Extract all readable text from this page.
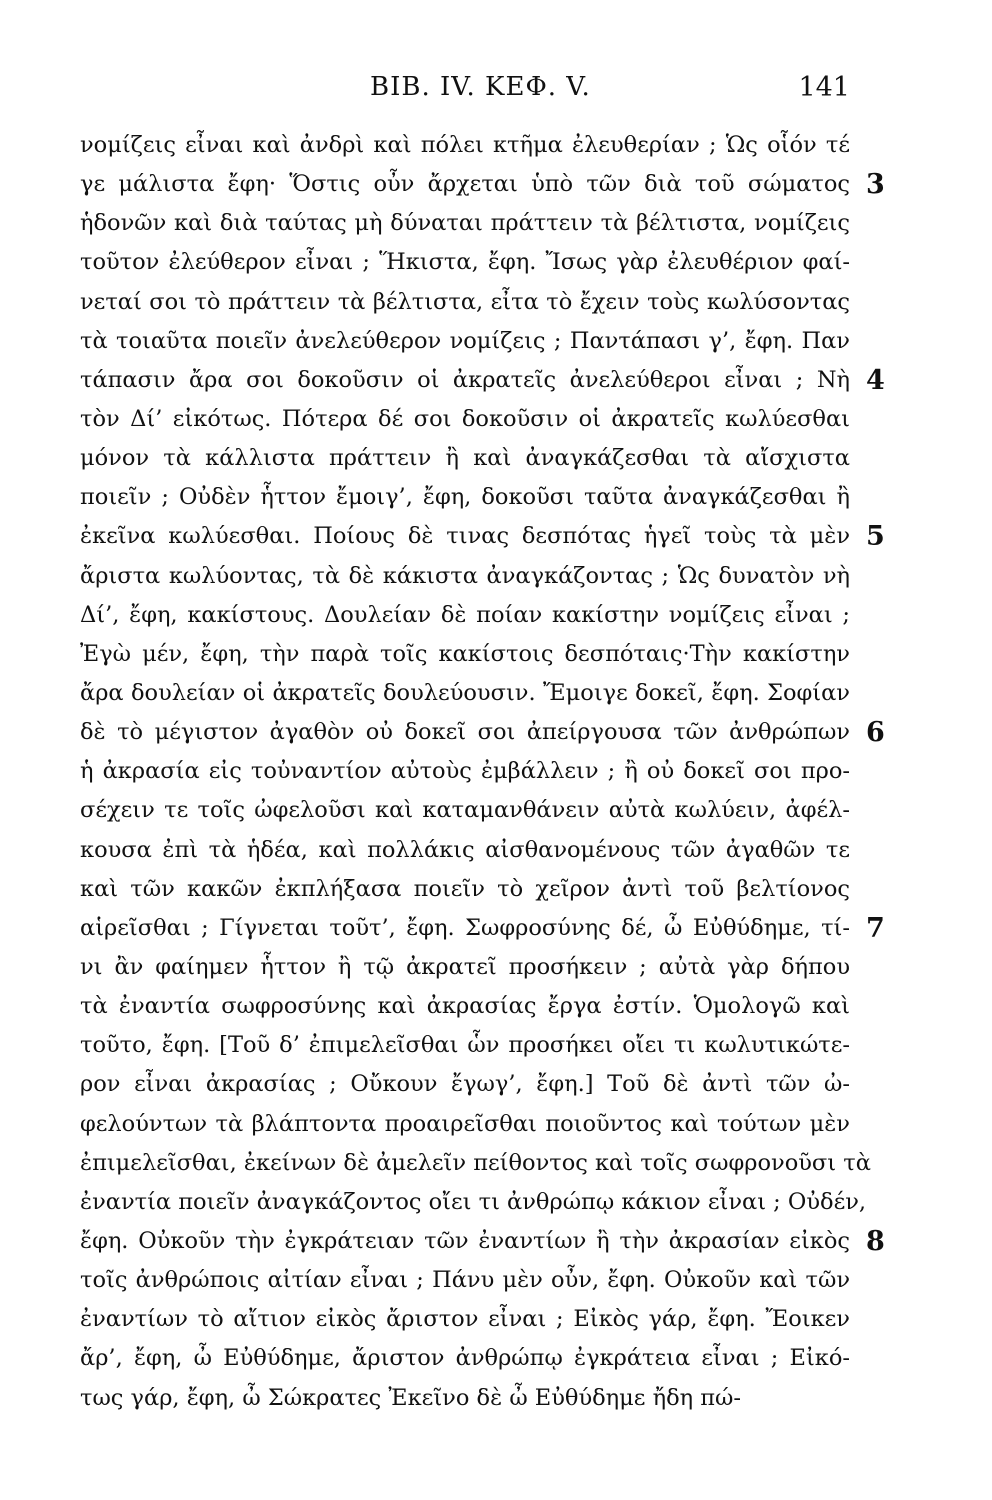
ΒΙΒ. IV. ΚΕΦ. V.	141
νομίζεις εἶναι καὶ ἀνδρὶ καὶ πόλει κτῆμα ἐλευθερίαν ; Ὡς οἷόν τέ
γε μάλιστα ἔφη· Ὅστις οὖν ἄρχεται ὑπὸ τῶν διὰ τοῦ σώματος 3
ἡδονῶν καὶ διὰ ταύτας μὴ δύναται πράττειν τὰ βέλτιστα, νομίζεις
τοῦτον ἐλεύθερον εἶναι ; Ἥκιστα, ἔφη. Ἴσως γὰρ ἐλευθέριον φαί-
νεταί σοι τὸ πράττειν τὰ βέλτιστα, εἶτα τὸ ἔχειν τοὺς κωλύσοντας
τὰ τοιαῦτα ποιεῖν ἀνελεύθερον νομίζεις ; Παντάπασι γ’, ἔφη. Παν
τάπασιν ἄρα σοι δοκοῦσιν οἱ ἀκρατεῖς ἀνελεύθεροι εἶναι ; Νὴ 4
τὸν Δί’ εἰκότως. Πότερα δέ σοι δοκοῦσιν οἱ ἀκρατεῖς κωλύεσθαι
μόνον τὰ κάλλιστα πράττειν ἢ καὶ ἀναγκάζεσθαι τὰ αἴσχιστα
ποιεῖν ; Οὐδὲν ἧττον ἔμοιγ’, ἔφη, δοκοῦσι ταῦτα ἀναγκάζεσθαι ἢ
ἐκεῖνα κωλύεσθαι. Ποίους δὲ τινας δεσπότας ἡγεῖ τοὺς τὰ μὲν 5
ἄριστα κωλύοντας, τὰ δὲ κάκιστα ἀναγκάζοντας ; Ὡς δυνατὸν νὴ
Δί’, ἔφη, κακίστους. Δουλείαν δὲ ποίαν κακίστην νομίζεις εἶναι ;
Ἐγὼ μέν, ἔφη, τὴν παρὰ τοῖς κακίστοις δεσπόταις·Τὴν κακίστην
ἄρα δουλείαν οἱ ἀκρατεῖς δουλεύουσιν. Ἔμοιγε δοκεῖ, ἔφη. Σοφίαν
δὲ τὸ μέγιστον ἀγαθὸν οὐ δοκεῖ σοι ἀπείργουσα τῶν ἀνθρώπων 6
ἡ ἀκρασία εἰς τοὐναντίον αὐτοὺς ἐμβάλλειν ; ἢ οὐ δοκεῖ σοι προ-
σέχειν τε τοῖς ὠφελοῦσι καὶ καταμανθάνειν αὐτὰ κωλύειν, ἀφέλ-
κουσα ἐπὶ τὰ ἡδέα, καὶ πολλάκις αἰσθανομένους τῶν ἀγαθῶν τε
καὶ τῶν κακῶν ἐκπλήξασα ποιεῖν τὸ χεῖρον ἀντὶ τοῦ βελτίονος
αἱρεῖσθαι ; Γίγνεται τοῦτ’, ἔφη. Σωφροσύνης δέ, ὦ Εὐθύδημε, τί- 7
νι ἂν φαίημεν ἧττον ἢ τῷ ἀκρατεῖ προσήκειν ; αὐτὰ γὰρ δήπου
τὰ ἐναντία σωφροσύνης καὶ ἀκρασίας ἔργα ἐστίν. Ὁμολογῶ καὶ
τοῦτο, ἔφη. [Τοῦ δ’ ἐπιμελεῖσθαι ὧν προσήκει οἴει τι κωλυτικώτε-
ρον εἶναι ἀκρασίας ; Οὔκουν ἔγωγ’, ἔφη.] Τοῦ δὲ ἀντὶ τῶν ὠ-
φελούντων τὰ βλάπτοντα προαιρεῖσθαι ποιοῦντος καὶ τούτων μὲν
ἐπιμελεῖσθαι, ἐκείνων δὲ ἀμελεῖν πείθοντος καὶ τοῖς σωφρονοῦσι τὰ
ἐναντία ποιεῖν ἀναγκάζοντος οἴει τι ἀνθρώπῳ κάκιον εἶναι ; Οὐδέν,
ἔφη. Οὐκοῦν τὴν ἐγκράτειαν τῶν ἐναντίων ἢ τὴν ἀκρασίαν εἰκὸς 8
τοῖς ἀνθρώποις αἰτίαν εἶναι ; Πάνυ μὲν οὖν, ἔφη. Οὐκοῦν καὶ τῶν
ἐναντίων τὸ αἴτιον εἰκὸς ἄριστον εἶναι ; Εἰκὸς γάρ, ἔφη. Ἔοικεν
ἄρ’, ἔφη, ὦ Εὐθύδημε, ἄριστον ἀνθρώπῳ ἐγκράτεια εἶναι ; Εἰκό-
τως γάρ, ἔφη, ὦ Σώκρατες Ἐκεῖνο δὲ ὦ Εὐθύδημε ἤδη πώ-
